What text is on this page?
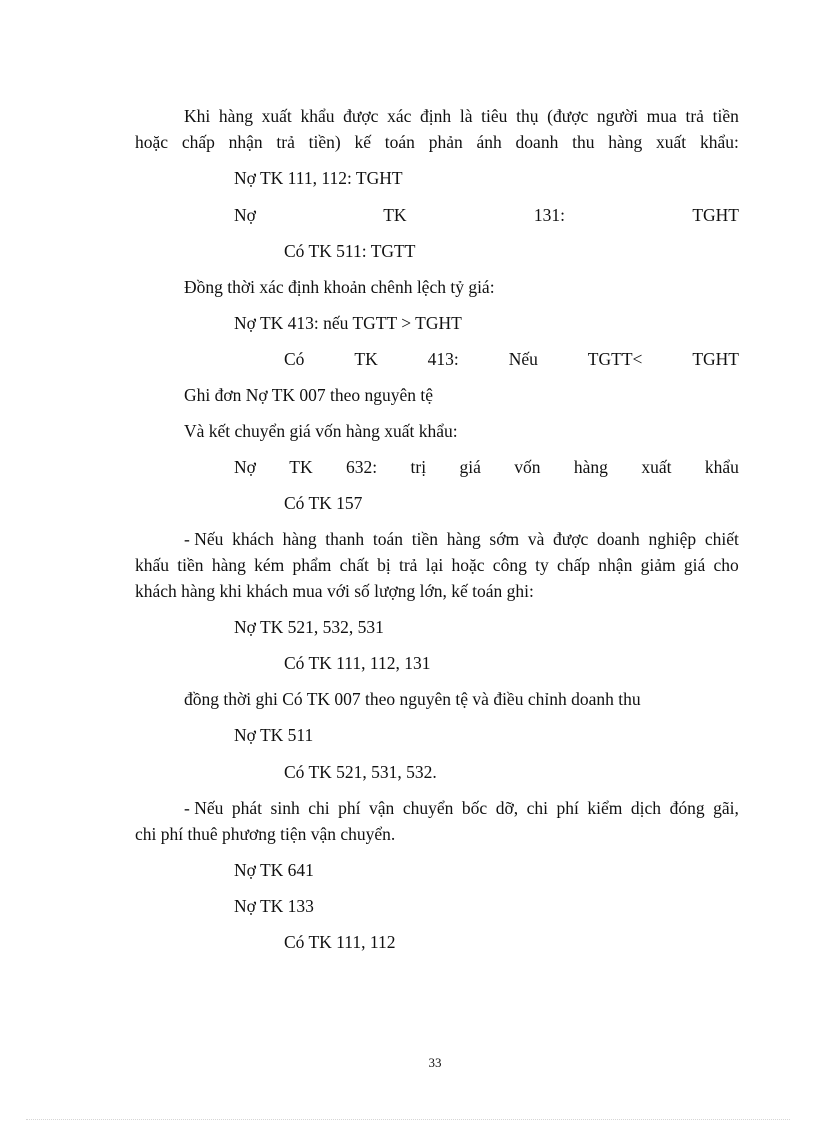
Khi hàng xuất khẩu được xác định là tiêu thụ (được người mua trả tiền
hoặc chấp nhận trả tiền) kế toán phản ánh doanh thu hàng xuất khẩu:
Nợ TK 111, 112: TGHT
Nợ	TK	131:	TGHT
Có TK 511: TGTT
Đồng thời xác định khoản chênh lệch tỷ giá:
Nợ TK 413: nếu TGTT > TGHT
Có	TK	413:	Nếu	TGTT<	TGHT
Ghi đơn Nợ TK 007 theo nguyên tệ
Và kết chuyển giá vốn hàng xuất khẩu:
Nợ TK 632: trị giá vốn hàng xuất khẩu
Có TK 157
- Nếu khách hàng thanh toán tiền hàng sớm và được doanh nghiệp chiết
khấu tiền hàng kém phẩm chất bị trả lại hoặc công ty chấp nhận giảm giá cho
khách hàng khi khách mua với số lượng lớn, kế toán ghi:
Nợ TK 521, 532, 531
Có TK 111, 112, 131
đồng thời ghi Có TK 007 theo nguyên tệ và điều chỉnh doanh thu
Nợ TK 511
Có TK 521, 531, 532.
- Nếu phát sinh chi phí vận chuyển bốc dỡ, chi phí kiểm dịch đóng gãi,
chi phí thuê phương tiện vận chuyển.
Nợ TK 641
Nợ TK 133
Có TK 111, 112
33
